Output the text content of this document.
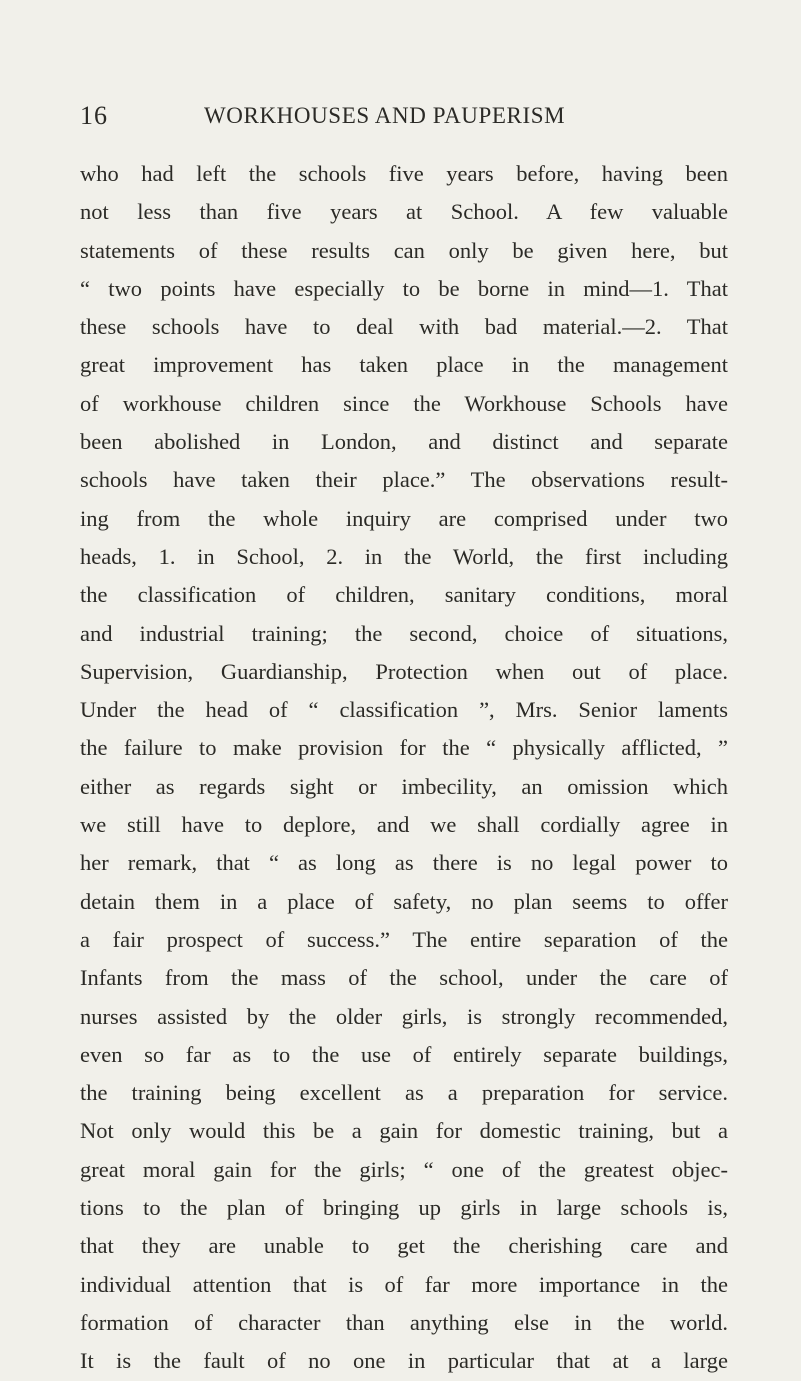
16	WORKHOUSES AND PAUPERISM
who had left the schools five years before, having been
not less than five years at School. A few valuable
statements of these results can only be given here, but
“ two points have especially to be borne in mind—1. That
these schools have to deal with bad material.—2. That
great improvement has taken place in the management
of workhouse children since the Workhouse Schools have
been abolished in London, and distinct and separate
schools have taken their place.” The observations result-
ing from the whole inquiry are comprised under two
heads, 1. in School, 2. in the World, the first including
the classification of children, sanitary conditions, moral
and industrial training; the second, choice of situations,
Supervision, Guardianship, Protection when out of place.
Under the head of “ classification ”, Mrs. Senior laments
the failure to make provision for the “ physically afflicted, ”
either as regards sight or imbecility, an omission which
we still have to deplore, and we shall cordially agree in
her remark, that “ as long as there is no legal power to
detain them in a place of safety, no plan seems to offer
a fair prospect of success.” The entire separation of the
Infants from the mass of the school, under the care of
nurses assisted by the older girls, is strongly recommended,
even so far as to the use of entirely separate buildings,
the training being excellent as a preparation for service.
Not only would this be a gain for domestic training, but a
great moral gain for the girls; “ one of the greatest objec-
tions to the plan of bringing up girls in large schools is,
that they are unable to get the cherishing care and
individual attention that is of far more importance in the
formation of character than anything else in the world.
It is the fault of no one in particular that at a large
